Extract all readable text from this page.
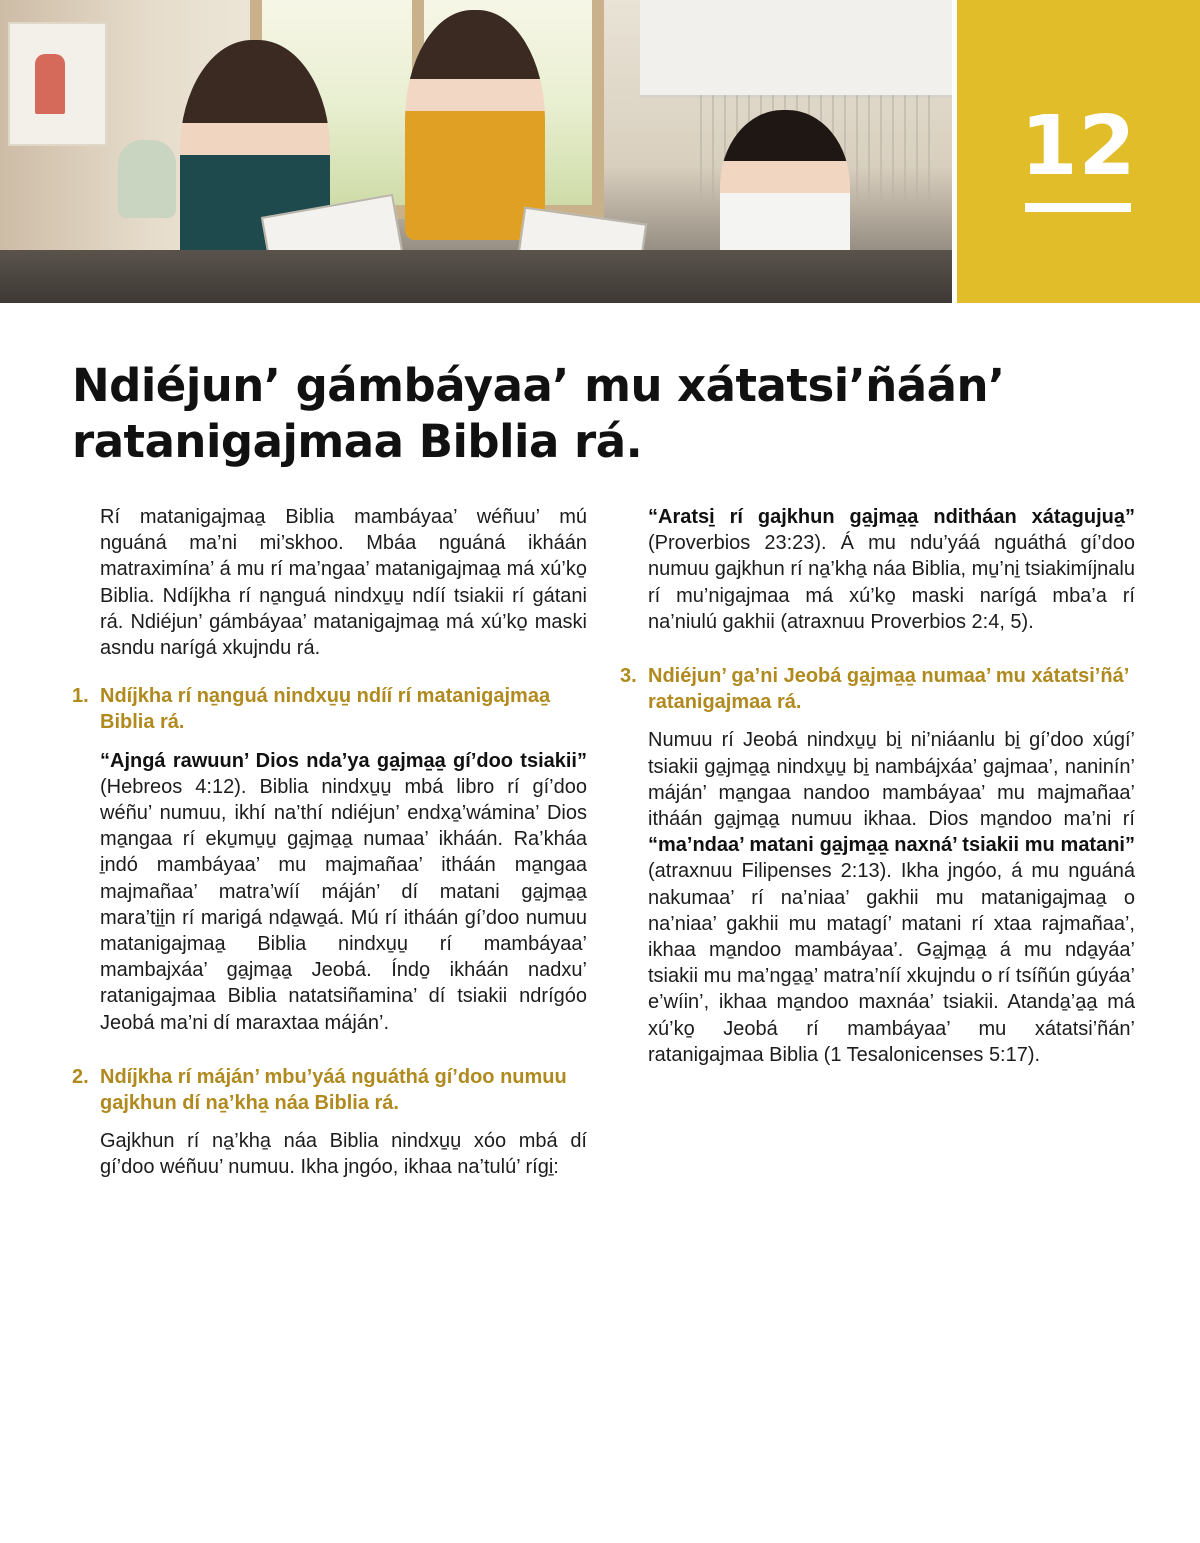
12
Ndiéjun’ gámbáyaa’ mu xátatsi’ñáán’ ratanigajmaa Biblia rá.

Rí matanigajmaa̱ Biblia mambáyaa’ wéñuu’ mú nguáná ma’ni mi’skhoo. Mbáa nguáná ikháán matraximína’ á mu rí ma’ngaa’ matanigajmaa̱ má xú’ko̱ Biblia. Ndíjkha rí na̱nguá nindxu̱u̱ ndíí tsiakii rí gátani rá. Ndiéjun’ gámbáyaa’ matanigajmaa̱ má xú’ko̱ maski asndu narígá xkujndu rá.

1. Ndíjkha rí na̱nguá nindxu̱u̱ ndíí rí matanigajmaa̱ Biblia rá.

“Ajngá rawuun’ Dios nda’ya ga̱jma̱a̱ gí’doo tsiakii” (Hebreos 4:12). Biblia nindxu̱u̱ mbá libro rí gí’doo wéñu’ numuu, ikhí na’thí ndiéjun’ endxa̱’wámina’ Dios ma̱ngaa rí eku̱mu̱u̱ ga̱jma̱a̱ numaa’ ikháán. Ra’kháa i̱ndó mambáyaa’ mu majmañaa’ itháán ma̱ngaa majmañaa’ matra’wíí máján’ dí matani ga̱jma̱a̱ mara’ti̱i̱n rí marigá nda̱wa̱á. Mú rí itháán gí’doo numuu matanigajmaa̱ Biblia nindxu̱u̱ rí mambáyaa’ mambajxáa’ ga̱jma̱a̱ Jeobá. Índo̱ ikháán nadxu’ ratanigajmaa Biblia natatsiñamina’ dí tsiakii ndrígóo Jeobá ma’ni dí maraxtaa máján’.

2. Ndíjkha rí máján’ mbu’yáá nguáthá gí’doo numuu gajkhun dí na̱’kha̱ náa Biblia rá.

Gajkhun rí na̱’kha̱ náa Biblia nindxu̱u̱ xóo mbá dí gí’doo wéñuu’ numuu. Ikha jngóo, ikhaa na’tulú’ rígi̱:

“Aratsi̱ rí gajkhun ga̱jma̱a̱ nditháan xátagujua̱” (Proverbios 23:23). Á mu ndu’yáá nguáthá gí’doo numuu gajkhun rí na̱’kha̱ náa Biblia, mu̱’ni̱ tsiakimíjnalu rí mu’nigajmaa má xú’ko̱ maski narígá mba’a rí na’niulú gakhii (atraxnuu Proverbios 2:4, 5).

3. Ndiéjun’ ga’ni Jeobá ga̱jma̱a̱ numaa’ mu xátatsi’ñá’ ratanigajmaa rá.

Numuu rí Jeobá nindxu̱u̱ bi̱ ni’niáanlu bi̱ gí’doo xúgí’ tsiakii ga̱jma̱a̱ nindxu̱u̱ bi̱ nambájxáa’ gajmaa’, naninín’ máján’ ma̱ngaa nandoo mambáyaa’ mu majmañaa’ itháán ga̱jma̱a̱ numuu ikhaa. Dios ma̱ndoo ma’ni rí “ma’ndaa’ matani ga̱jma̱a̱ naxná’ tsiakii mu matani” (atraxnuu Filipenses 2:13). Ikha jngóo, á mu nguáná nakumaa’ rí na’niaa’ gakhii mu matanigajmaa̱ o na’niaa’ gakhii mu matagí’ matani rí xtaa rajmañaa’, ikhaa ma̱ndoo mambáyaa’. Ga̱jma̱a̱ á mu nda̱yáa’ tsiakii mu ma’nga̱a̱’ matra’níí xkujndu o rí tsíñún gúyáa’ e’wíin’, ikhaa ma̱ndoo maxnáa’ tsiakii. Atanda̱’a̱a̱ má xú’ko̱ Jeobá rí mambáyaa’ mu xátatsi’ñán’ ratanigajmaa Biblia (1 Tesalonicenses 5:17).
